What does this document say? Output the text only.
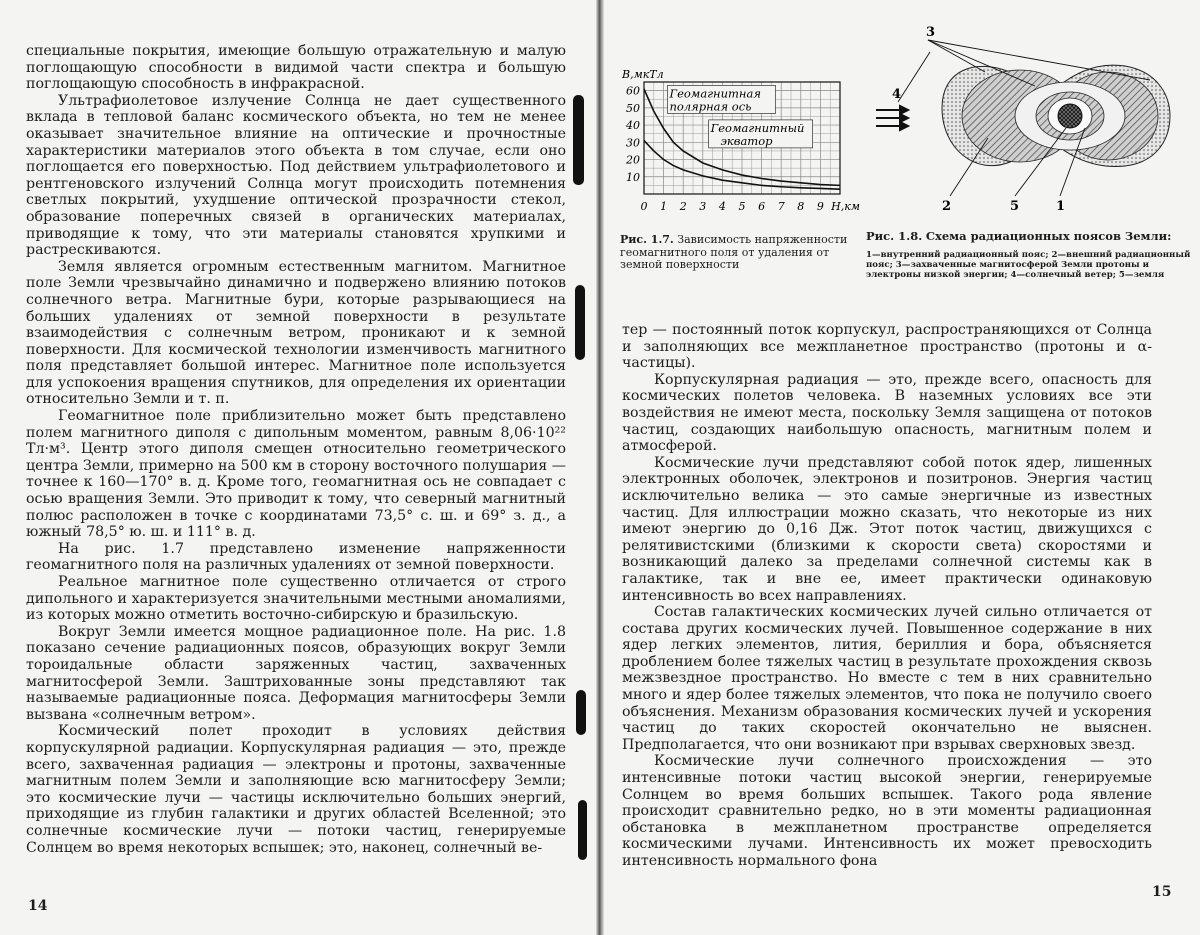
специальные покрытия, имеющие большую отражательную и малую поглощающую способности в видимой части спектра и большую поглощающую способность в инфракрасной.

Ультрафиолетовое излучение Солнца не дает существенного вклада в тепловой баланс космического объекта, но тем не менее оказывает значительное влияние на оптические и прочностные характеристики материалов этого объекта в том случае, если оно поглощается его поверхностью. Под действием ультрафиолетового и рентгеновского излучений Солнца могут происходить потемнения светлых покрытий, ухудшение оптической прозрачности стекол, образование поперечных связей в органических материалах, приводящие к тому, что эти материалы становятся хрупкими и растрескиваются.

Земля является огромным естественным магнитом. Магнитное поле Земли чрезвычайно динамично и подвержено влиянию потоков солнечного ветра. Магнитные бури, которые разрывающиеся на больших удалениях от земной поверхности в результате взаимодействия с солнечным ветром, проникают и к земной поверхности. Для космической технологии изменчивость магнитного поля представляет большой интерес. Магнитное поле используется для успокоения вращения спутников, для определения их ориентации относительно Земли и т. п.

Геомагнитное поле приблизительно может быть представлено полем магнитного диполя с дипольным моментом, равным 8,06·10²² Тл·м³. Центр этого диполя смещен относительно геометрического центра Земли, примерно на 500 км в сторону восточного полушария — точнее к 160—170° в. д. Кроме того, геомагнитная ось не совпадает с осью вращения Земли. Это приводит к тому, что северный магнитный полюс расположен в точке с координатами 73,5° с. ш. и 69° з. д., а южный 78,5° ю. ш. и 111° в. д.

На рис. 1.7 представлено изменение напряженности геомагнитного поля на различных удалениях от земной поверхности.

Реальное магнитное поле существенно отличается от строго дипольного и характеризуется значительными местными аномалиями, из которых можно отметить восточно-сибирскую и бразильскую.

Вокруг Земли имеется мощное радиационное поле. На рис. 1.8 показано сечение радиационных поясов, образующих вокруг Земли тороидальные области заряженных частиц, захваченных магнитосферой Земли. Заштрихованные зоны представляют так называемые радиационные пояса. Деформация магнитосферы Земли вызвана «солнечным ветром».

Космический полет проходит в условиях действия корпускулярной радиации. Корпускулярная радиация — это, прежде всего, захваченная радиация — электроны и протоны, захваченные магнитным полем Земли и заполняющие всю магнитосферу Земли; это космические лучи — частицы исключительно больших энергий, приходящие из глубин галактики и других областей Вселенной; это солнечные космические лучи — потоки частиц, генерируемые Солнцем во время некоторых вспышек; это, наконец, солнечный ве-

14
60
50
40
30
20
10
0 1 2 3 4 5 6 7 8 9 H,км
B,мкТл
Геомагнитная
полярная ось
Геомагнитный
экватор
Рис. 1.7. Зависимость напряженности геомагнитного поля от удаления от земной поверхности
3
4
2	5	1
Рис. 1.8. Схема радиационных поясов Земли:
1—внутренний радиационный пояс; 2—внешний радиационный пояс; 3—захваченные магнитосферой Земли протоны и электроны низкой энергии; 4—солнечный ветер; 5—земля

тер — постоянный поток корпускул, распространяющихся от Солнца и заполняющих все межпланетное пространство (протоны и α-частицы).

Корпускулярная радиация — это, прежде всего, опасность для космических полетов человека. В наземных условиях все эти воздействия не имеют места, поскольку Земля защищена от потоков частиц, создающих наибольшую опасность, магнитным полем и атмосферой.

Космические лучи представляют собой поток ядер, лишенных электронных оболочек, электронов и позитронов. Энергия частиц исключительно велика — это самые энергичные из известных частиц. Для иллюстрации можно сказать, что некоторые из них имеют энергию до 0,16 Дж. Этот поток частиц, движущихся с релятивистскими (близкими к скорости света) скоростями и возникающий далеко за пределами солнечной системы как в галактике, так и вне ее, имеет практически одинаковую интенсивность во всех направлениях.

Состав галактических космических лучей сильно отличается от состава других космических лучей. Повышенное содержание в них ядер легких элементов, лития, бериллия и бора, объясняется дроблением более тяжелых частиц в результате прохождения сквозь межзвездное пространство. Но вместе с тем в них сравнительно много и ядер более тяжелых элементов, что пока не получило своего объяснения. Механизм образования космических лучей и ускорения частиц до таких скоростей окончательно не выяснен. Предполагается, что они возникают при взрывах сверхновых звезд.

Космические лучи солнечного происхождения — это интенсивные потоки частиц высокой энергии, генерируемые Солнцем во время больших вспышек. Такого рода явление происходит сравнительно редко, но в эти моменты радиационная обстановка в межпланетном пространстве определяется космическими лучами. Интенсивность их может превосходить интенсивность нормального фона

15
